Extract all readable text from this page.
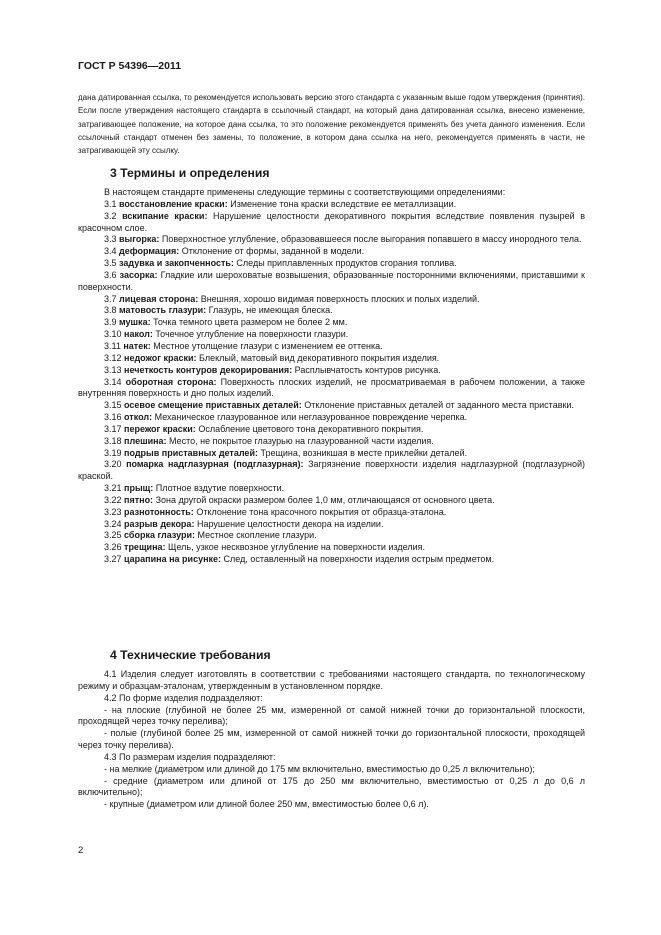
ГОСТ Р 54396—2011

дана датированная ссылка, то рекомендуется использовать версию этого стандарта с указанным выше годом утверждения (принятия). Если после утверждения настоящего стандарта в ссылочный стандарт, на который дана датированная ссылка, внесено изменение, затрагивающее положение, на которое дана ссылка, то это положение рекомендуется применять без учета данного изменения. Если ссылочный стандарт отменен без замены, то положение, в котором дана ссылка на него, рекомендуется применять в части, не затрагивающей эту ссылку.

3 Термины и определения

В настоящем стандарте применены следующие термины с соответствующими определениями:

3.1 восстановление краски: Изменение тона краски вследствие ее металлизации.

3.2 вскипание краски: Нарушение целостности декоративного покрытия вследствие появления пузырей в красочном слое.

3.3 выгорка: Поверхностное углубление, образовавшееся после выгорания попавшего в массу инородного тела.

3.4 деформация: Отклонение от формы, заданной в модели.

3.5 задувка и закопченность: Следы приплавленных продуктов сгорания топлива.

3.6 засорка: Гладкие или шероховатые возвышения, образованные посторонними включениями, приставшими к поверхности.

3.7 лицевая сторона: Внешняя, хорошо видимая поверхность плоских и полых изделий.

3.8 матовость глазури: Глазурь, не имеющая блеска.

3.9 мушка: Точка темного цвета размером не более 2 мм.

3.10 накол: Точечное углубление на поверхности глазури.

3.11 натек: Местное утолщение глазури с изменением ее оттенка.

3.12 недожог краски: Блеклый, матовый вид декоративного покрытия изделия.

3.13 нечеткость контуров декорирования: Расплывчатость контуров рисунка.

3.14 оборотная сторона: Поверхность плоских изделий, не просматриваемая в рабочем положении, а также внутренняя поверхность и дно полых изделий.

3.15 осевое смещение приставных деталей: Отклонение приставных деталей от заданного места приставки.

3.16 откол: Механическое глазурованное или неглазурованное повреждение черепка.

3.17 пережог краски: Ослабление цветового тона декоративного покрытия.

3.18 плешина: Место, не покрытое глазурью на глазурованной части изделия.

3.19 подрыв приставных деталей: Трещина, возникшая в месте приклейки деталей.

3.20 помарка надглазурная (подглазурная): Загрязнение поверхности изделия надглазурной (подглазурной) краской.

3.21 прыщ: Плотное вздутие поверхности.

3.22 пятно: Зона другой окраски размером более 1,0 мм, отличающаяся от основного цвета.

3.23 разнотонность: Отклонение тона красочного покрытия от образца-эталона.

3.24 разрыв декора: Нарушение целостности декора на изделии.

3.25 сборка глазури: Местное скопление глазури.

3.26 трещина: Щель, узкое несквозное углубление на поверхности изделия.

3.27 царапина на рисунке: След, оставленный на поверхности изделия острым предметом.

4 Технические требования

4.1 Изделия следует изготовлять в соответствии с требованиями настоящего стандарта, по технологическому режиму и образцам-эталонам, утвержденным в установленном порядке.

4.2 По форме изделия подразделяют:

- на плоские (глубиной не более 25 мм, измеренной от самой нижней точки до горизонтальной плоскости, проходящей через точку перелива);

- полые (глубиной более 25 мм, измеренной от самой нижней точки до горизонтальной плоскости, проходящей через точку перелива).

4.3 По размерам изделия подразделяют:

- на мелкие (диаметром или длиной до 175 мм включительно, вместимостью до 0,25 л включительно);

- средние (диаметром или длиной от 175 до 250 мм включительно, вместимостью от 0,25 л до 0,6 л включительно);

- крупные (диаметром или длиной более 250 мм, вместимостью более 0,6 л).

2
